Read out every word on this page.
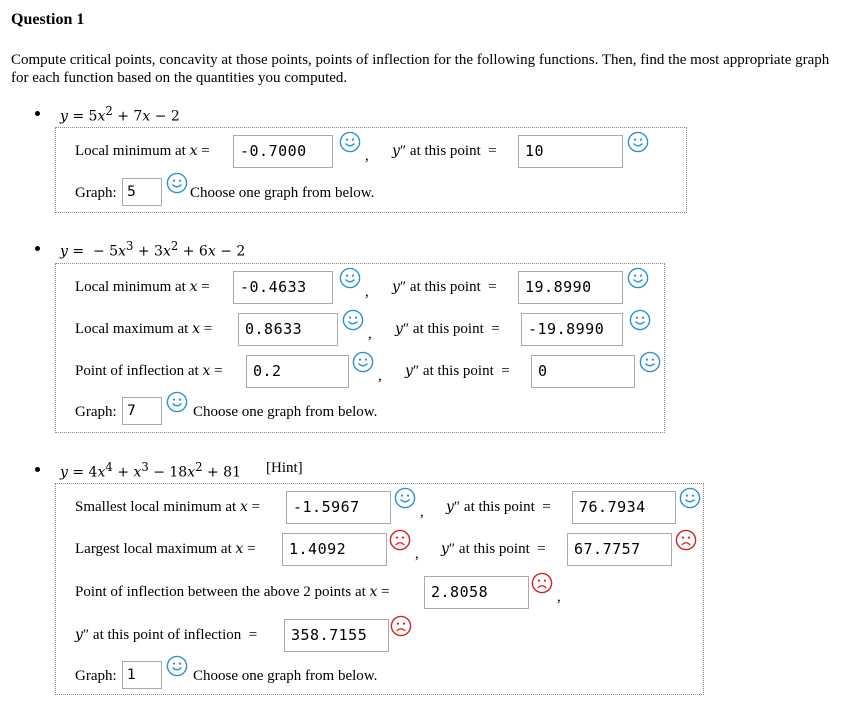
Question 1
Compute critical points, concavity at those points, points of inflection for the following functions. Then, find the most appropriate graph for each function based on the quantities you computed.
$y = 5x^2 + 7x - 2$
Local minimum at x =	-0.7000	, y″ at this point  =	10
Graph: 5	Choose one graph from below.
y =  − $5x^3 + 3x^2 + 6x - 2$
Local minimum at x =	-0.4633	, y″ at this point  =	19.8990
Local maximum at x =	0.8633	, y″ at this point  =	-19.8990
Point of inflection at x =	0.2	, y″ at this point  =	0
Graph: 7	Choose one graph from below.
$y = 4x^4 + x^3 - 18x^2 + 81$ [Hint]
Smallest local minimum at x =	-1.5967	, y″ at this point  =	76.7934
Largest local maximum at x =	1.4092	, y″ at this point  =	67.7757
Point of inflection between the above 2 points at x =	2.8058	,
y″ at this point of inflection  =	358.7155
Graph: 1	Choose one graph from below.
